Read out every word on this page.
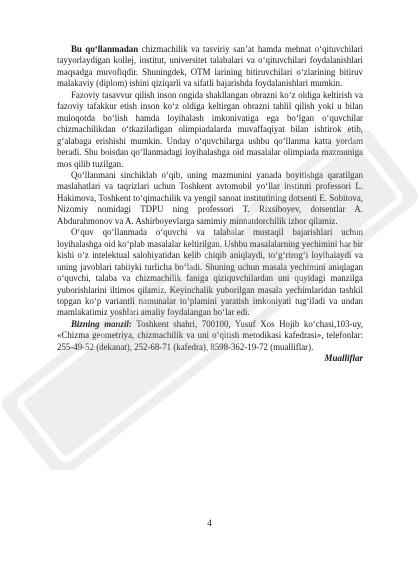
Bu qo‘llanmadan chizmachilik va tasviriy san’at hamda mehnat o‘qituvchilari tayyorlaydigan kollej, institut, universitet talabalari va o‘qituvchilari foydalanishlari maqsadga muvofiqdir. Shuningdek, OTM larining bitiruvchilari o‘zlarining bitiruv malakaviy (diplom) ishini qiziqarli va sifatli bajarishda foydalanishlari mumkin.

Fazoviy tasavvur qilish inson ongida shakllangan obrazni ko‘z oldiga keltirish va fazoviy tafakkur etish inson ko‘z oldiga keltirgan obrazni tahlil qilish yoki u bilan muloqotda bo‘lish hamda loyihalash imkonivatiga ega bo‘lgan o‘quvchilar chizmachilikdan o‘tkaziladigan olimpiadalarda muvaffaqiyat bilan ishtirok etib, g‘alabaga erishishi mumkin. Unday o‘quvchilarga ushbu qo‘llanma katta yordam beradi. Shu boisdan qo‘llanmadagi loyihalashga oid masalalar olimpiada mazmuniga mos qilib tuzilgan.

Qo‘llanmani sinchiklab o‘qib, uning mazmunini yanada boyitishga qaratilgan maslahatlari va taqrizlari uchun Toshkent avtomobil yo‘llar instituti professori L. Hakimova, Toshkent to‘qimachilik va yengil sanoat institutining dotsenti E. Sobitova, Nizomiy nomidagi TDPU ning professori T. Rixsiboyev, dotsentlar A. Abdurahmonov va A. Ashirboyevlarga samimiy minnatdorchilik izhor qilamiz.

O‘quv qo‘llanmada o‘quvchi va talabalar mustaqil bajarishlari uchun loyihalashga oid ko‘plab masalalar keltirilgan. Ushbu masalalarning yechimini har bir kishi o‘z intelektual salohiyatidan kelib chiqib aniqlaydi, to‘g‘rirog‘i loyihalaydi va uning javoblari tabiiyki turlicha bo‘ladi. Shuning uchun masala yechimini aniqlagan o‘quvchi, talaba va chizmachilik faniga qiziquvchilardan uni quyidagi manzilga yuborishlarini iltimos qilamiz. Keyinchalik yuborilgan masala yechimlaridan tashkil topgan ko‘p variantli namunalar to‘plamini yaratish imkoniyati tug‘iladi va undan mamlakatimiz yoshlari amaliy foydalangan bo‘lar edi.

Bizning manzil: Toshkent shahri, 700100, Yusuf Xos Hojib ko‘chasi,103-uy, «Chizma geometriya, chizmachilik va uni o‘qitish metodikasi kafedrasi», telefonlar: 255-49-52 (dekanat), 252-68-71 (kafedra), 8598-362-19-72 (mualliflar).

Mualliflar

4
